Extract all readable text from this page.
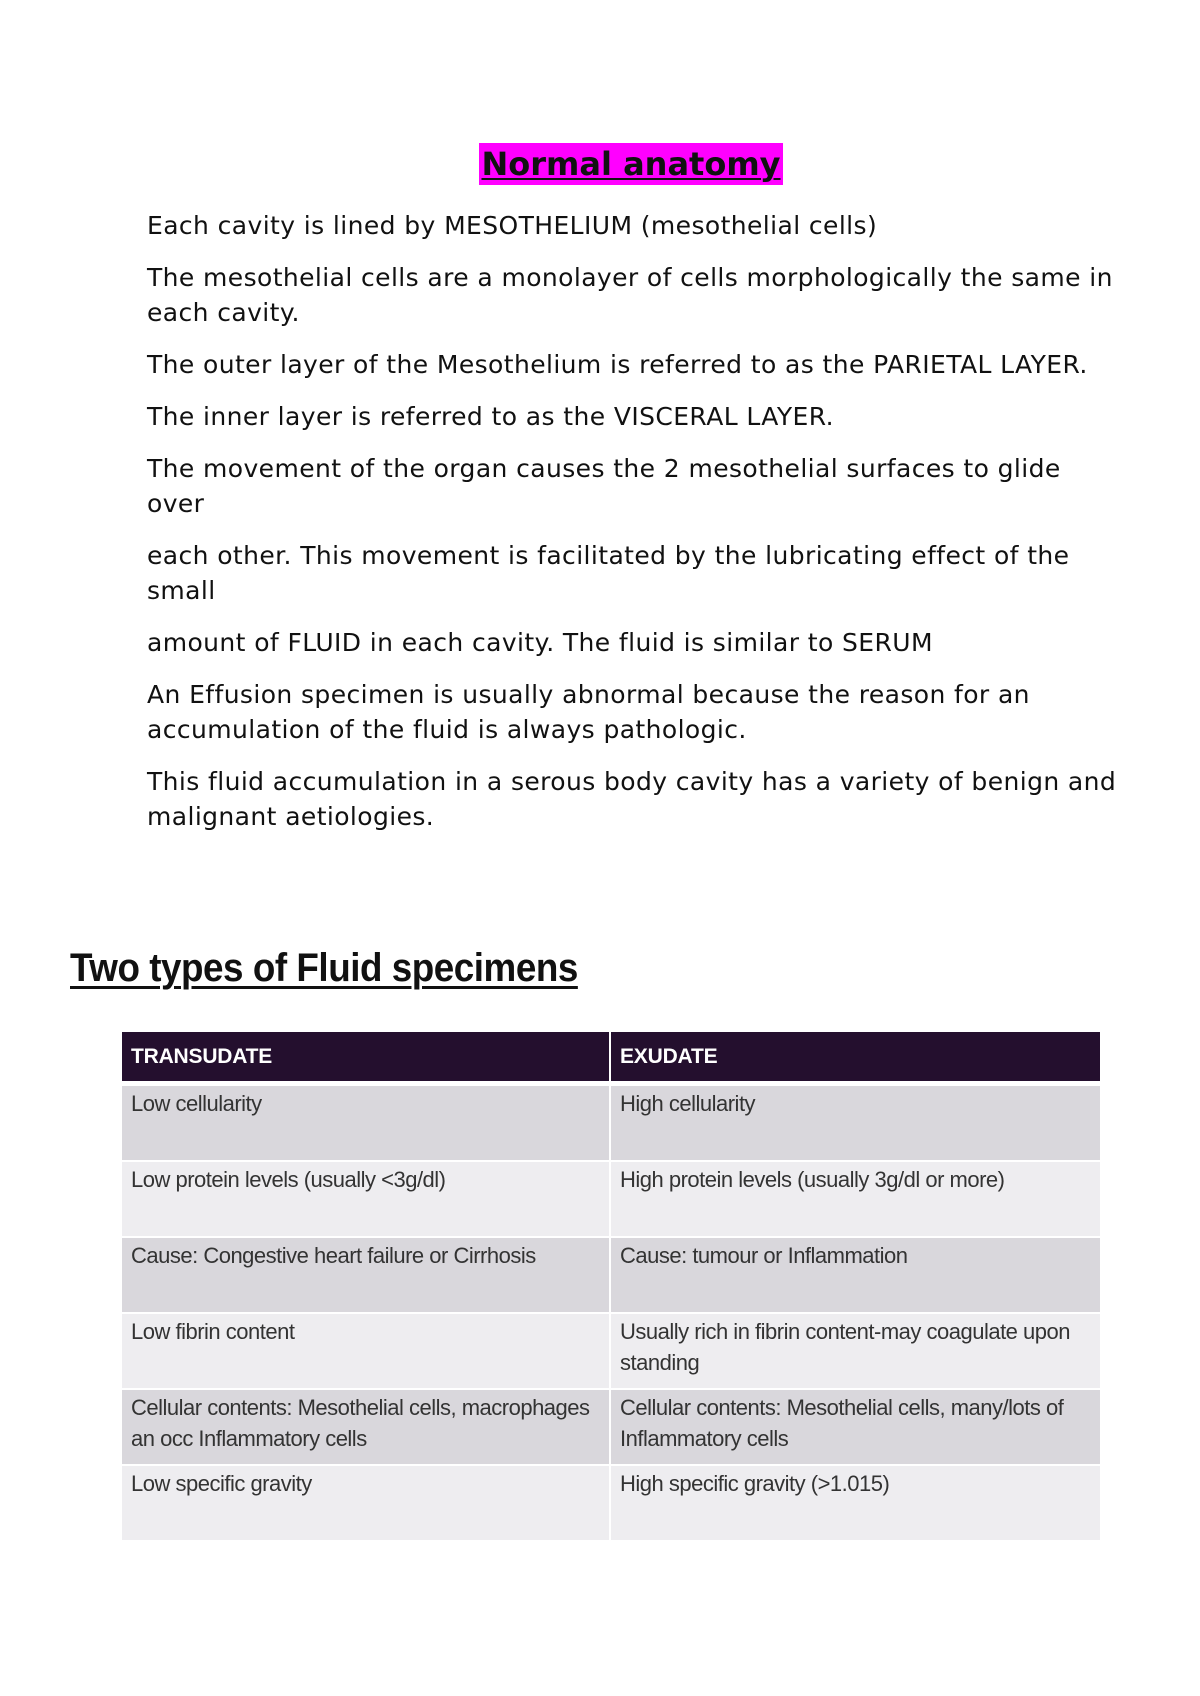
Normal anatomy

Each cavity is lined by MESOTHELIUM (mesothelial cells)

The mesothelial cells are a monolayer of cells morphologically the same in each cavity.

The outer layer of the Mesothelium is referred to as the PARIETAL LAYER.

The inner layer is referred to as the VISCERAL LAYER.

The movement of the organ causes the 2 mesothelial surfaces to glide over

each other. This movement is facilitated by the lubricating effect of the small

amount of FLUID in each cavity. The fluid is similar to SERUM

An Effusion specimen is usually abnormal because the reason for an accumulation of the fluid is always pathologic.

This fluid accumulation in a serous body cavity has a variety of benign and malignant aetiologies.

Two types of Fluid specimens
TRANSUDATE	EXUDATE

Low cellularity	High cellularity

Low protein levels (usually <3g/dl)	High protein levels (usually 3g/dl or more)

Cause: Congestive heart failure or Cirrhosis	Cause: tumour or Inflammation

Low fibrin content	Usually rich in fibrin content-may coagulate upon standing

Cellular contents: Mesothelial cells, macrophages an occ Inflammatory cells	Cellular contents: Mesothelial cells, many/lots of Inflammatory cells

Low specific gravity	High specific gravity (>1.015)
